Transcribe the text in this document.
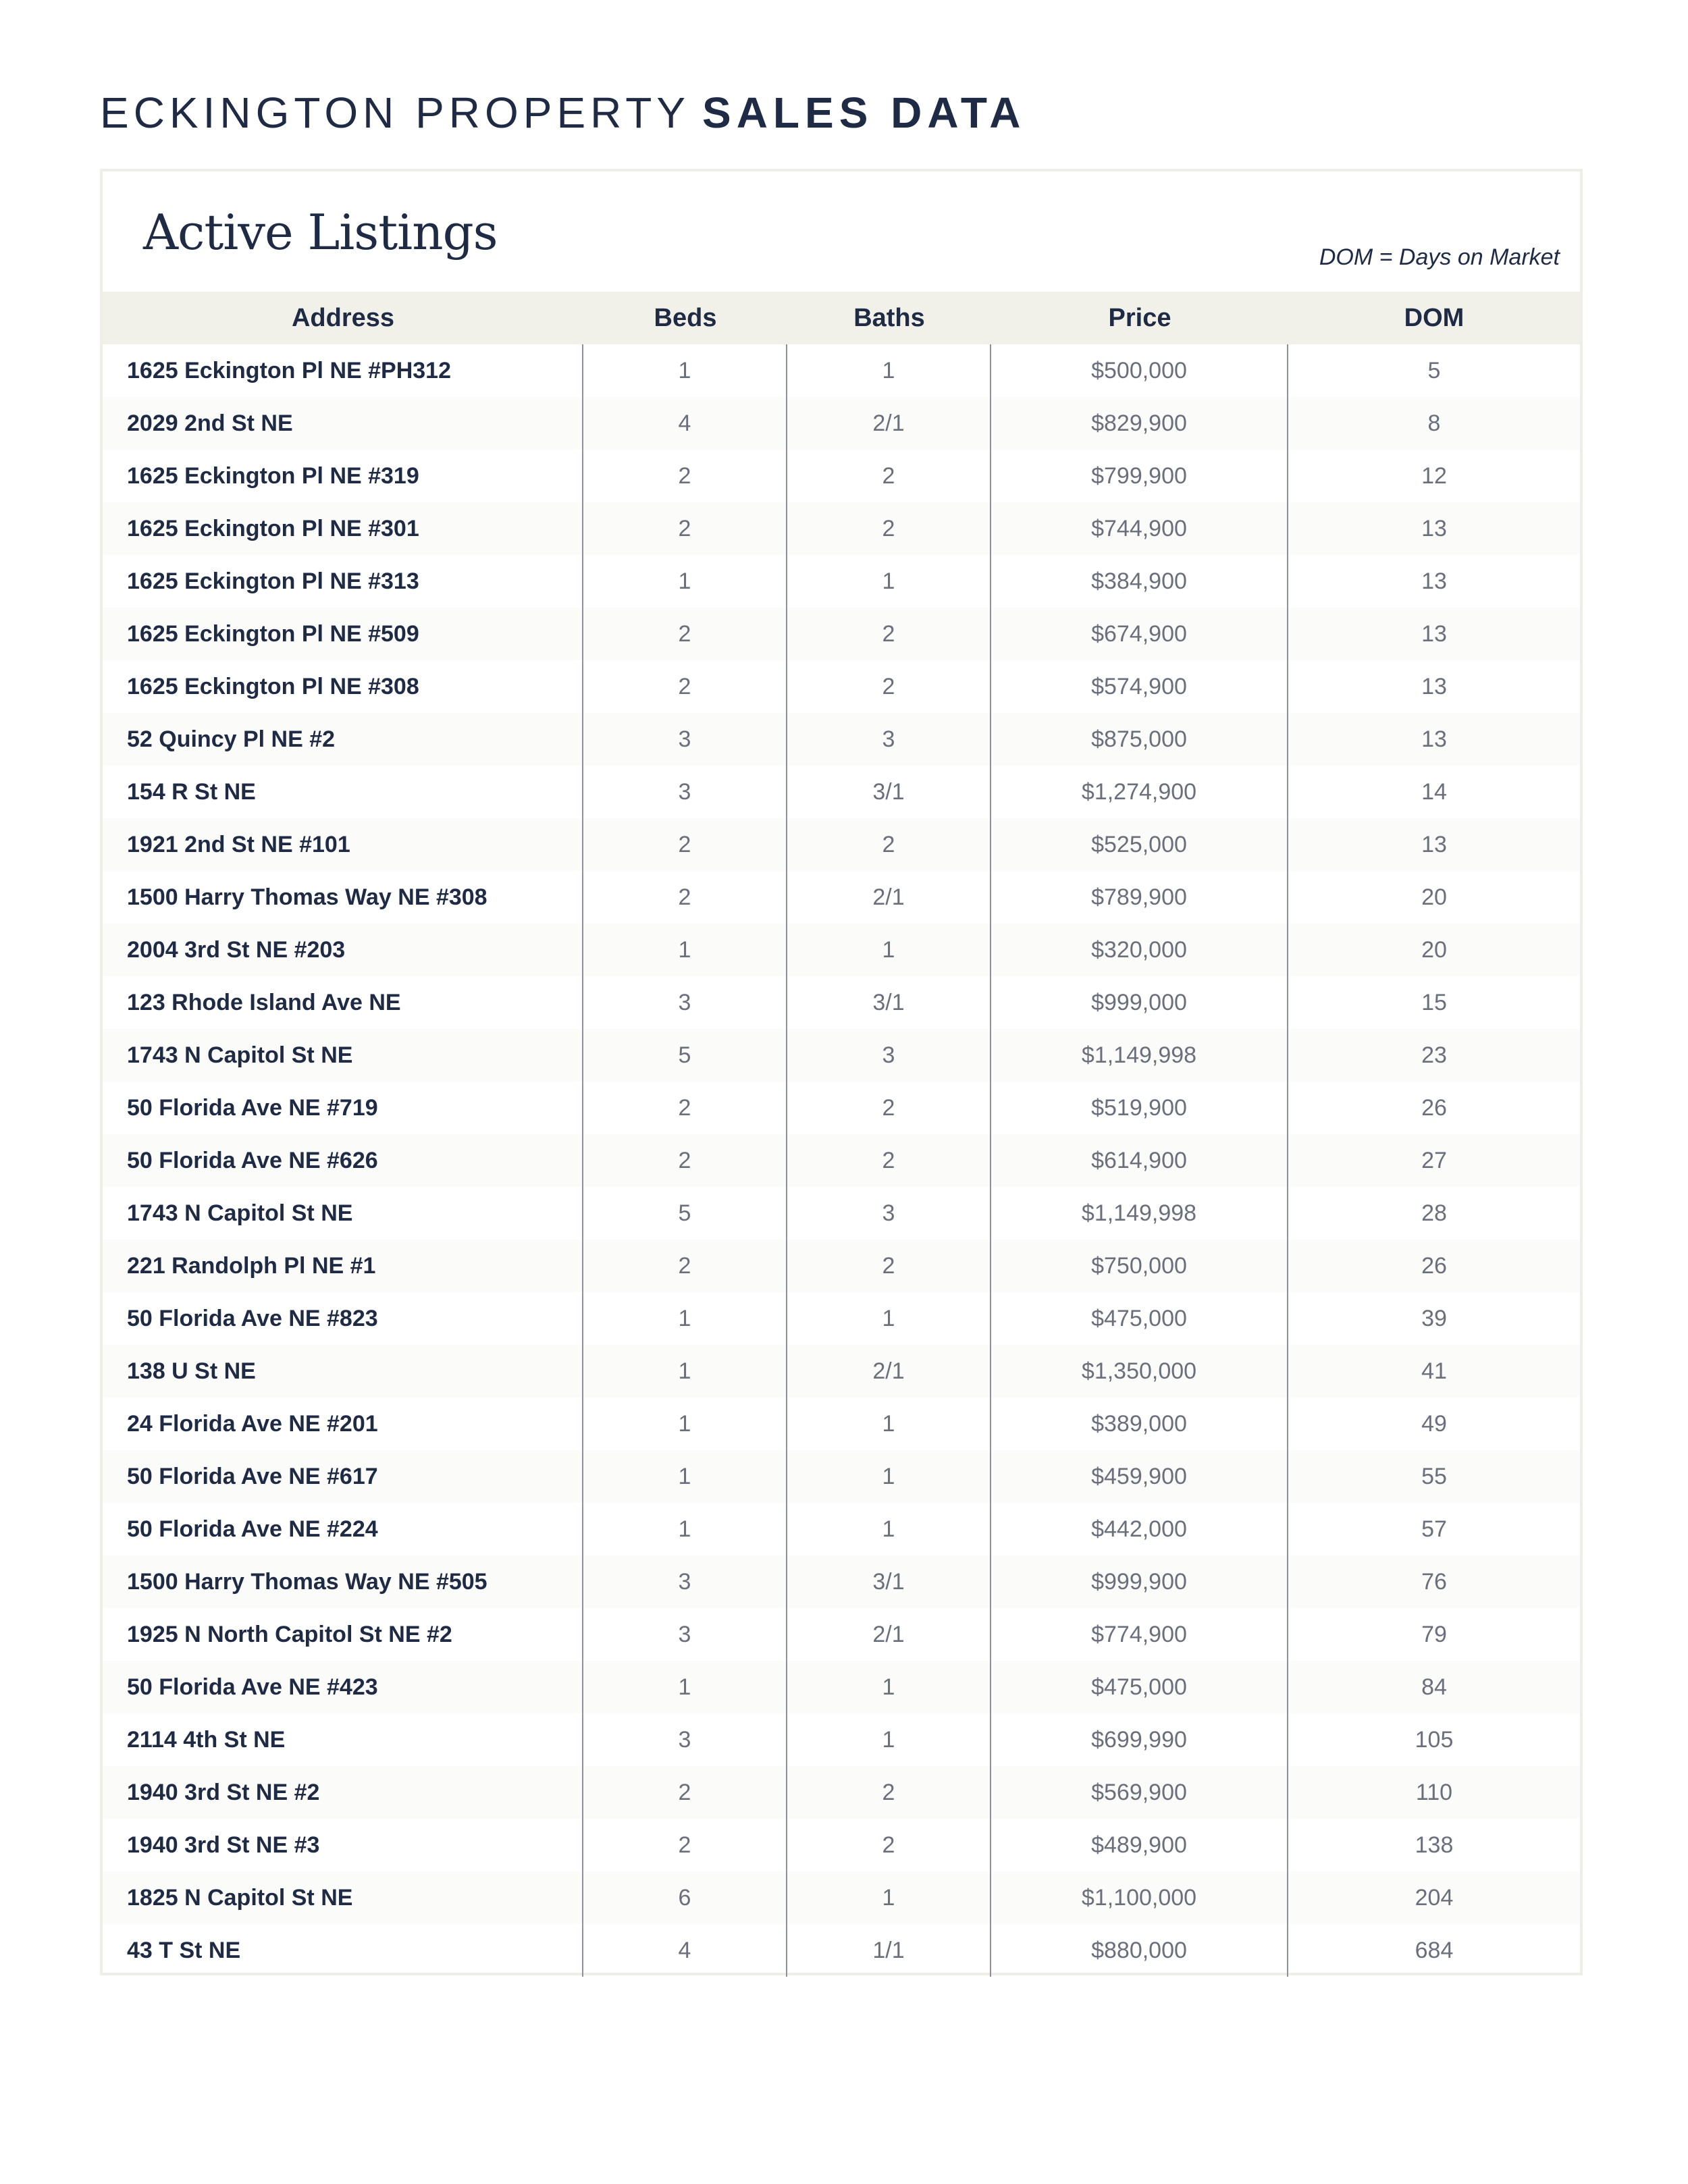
ECKINGTON PROPERTY SALES DATA
Active Listings	DOM = Days on Market
Address	Beds	Baths	Price	DOM
1625 Eckington Pl NE #PH312	1	1	$500,000	5
2029 2nd St NE	4	2/1	$829,900	8
1625 Eckington Pl NE #319	2	2	$799,900	12
1625 Eckington Pl NE #301	2	2	$744,900	13
1625 Eckington Pl NE #313	1	1	$384,900	13
1625 Eckington Pl NE #509	2	2	$674,900	13
1625 Eckington Pl NE #308	2	2	$574,900	13
52 Quincy Pl NE #2	3	3	$875,000	13
154 R St NE	3	3/1	$1,274,900	14
1921 2nd St NE #101	2	2	$525,000	13
1500 Harry Thomas Way NE #308	2	2/1	$789,900	20
2004 3rd St NE #203	1	1	$320,000	20
123 Rhode Island Ave NE	3	3/1	$999,000	15
1743 N Capitol St NE	5	3	$1,149,998	23
50 Florida Ave NE #719	2	2	$519,900	26
50 Florida Ave NE #626	2	2	$614,900	27
1743 N Capitol St NE	5	3	$1,149,998	28
221 Randolph Pl NE #1	2	2	$750,000	26
50 Florida Ave NE #823	1	1	$475,000	39
138 U St NE	1	2/1	$1,350,000	41
24 Florida Ave NE #201	1	1	$389,000	49
50 Florida Ave NE #617	1	1	$459,900	55
50 Florida Ave NE #224	1	1	$442,000	57
1500 Harry Thomas Way NE #505	3	3/1	$999,900	76
1925 N North Capitol St NE #2	3	2/1	$774,900	79
50 Florida Ave NE #423	1	1	$475,000	84
2114 4th St NE	3	1	$699,990	105
1940 3rd St NE #2	2	2	$569,900	110
1940 3rd St NE #3	2	2	$489,900	138
1825 N Capitol St NE	6	1	$1,100,000	204
43 T St NE	4	1/1	$880,000	684
